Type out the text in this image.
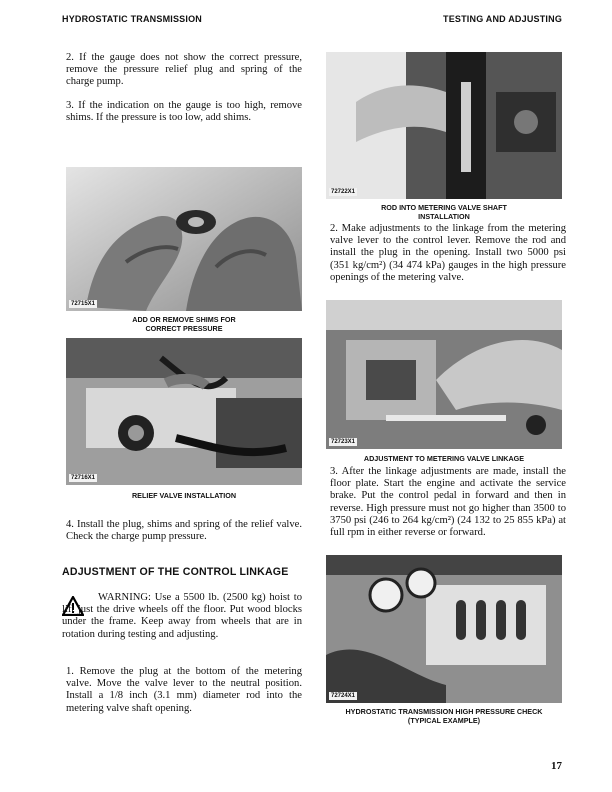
HYDROSTATIC TRANSMISSION	TESTING AND ADJUSTING

2. If the gauge does not show the correct pressure, remove the pressure relief plug and spring of the charge pump.

3. If the indication on the gauge is too high, remove shims. If the pressure is too low, add shims.

72715X1
ADD OR REMOVE SHIMS FOR
CORRECT PRESSURE
72716X1
RELIEF VALVE INSTALLATION

4. Install the plug, shims and spring of the relief valve. Check the charge pump pressure.

ADJUSTMENT OF THE CONTROL LINKAGE

WARNING: Use a 5500 lb. (2500 kg) hoist to lift just the drive wheels off the floor. Put wood blocks under the frame. Keep away from wheels that are in rotation during testing and adjusting.

1. Remove the plug at the bottom of the metering valve. Move the valve lever to the neutral position. Install a 1/8 inch (3.1 mm) diameter rod into the metering valve shaft opening.

72722X1
ROD INTO METERING VALVE SHAFT
INSTALLATION

2. Make adjustments to the linkage from the metering valve lever to the control lever. Remove the rod and install the plug in the opening. Install two 5000 psi (351 kg/cm²) (34 474 kPa) gauges in the high pressure openings of the metering valve.

72723X1
ADJUSTMENT TO METERING VALVE LINKAGE

3. After the linkage adjustments are made, install the floor plate. Start the engine and activate the service brake. Put the control pedal in forward and then in reverse. High pressure must not go higher than 3500 to 3750 psi (246 to 264 kg/cm²) (24 132 to 25 855 kPa) at full rpm in either reverse or forward.

72724X1
HYDROSTATIC TRANSMISSION HIGH PRESSURE CHECK
(TYPICAL EXAMPLE)
17
